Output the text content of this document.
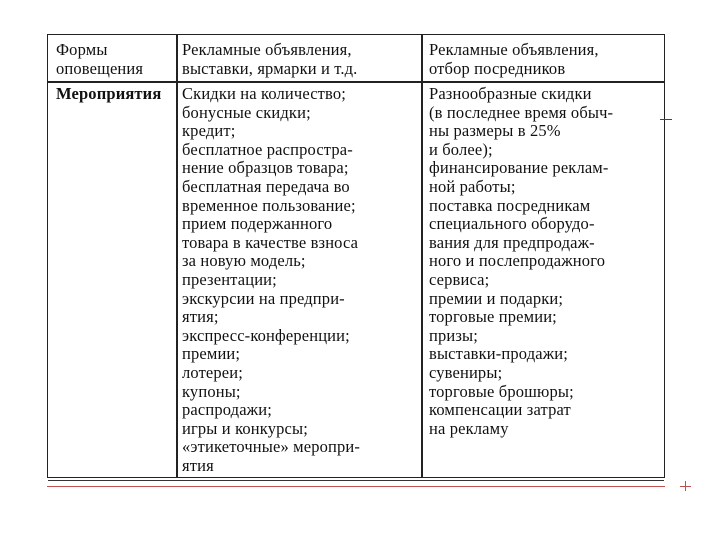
Формы
оповещения
Рекламные объявления,
выставки, ярмарки и т.д.
Рекламные объявления,
отбор посредников
Мероприятия	Скидки на количество;
бонусные скидки;
кредит;
бесплатное распростра-
нение образцов товара;
бесплатная передача во
временное пользование;
прием подержанного
товара в качестве взноса
за новую модель;
презентации;
экскурсии на предпри-
ятия;
экспресс-конференции;
премии;
лотереи;
купоны;
распродажи;
игры и конкурсы;
«этикеточные» меропри-
ятия
Разнообразные скидки
(в последнее время обыч-
ны размеры в 25%
и более);
финансирование реклам-
ной работы;
поставка посредникам
специального оборудо-
вания для предпродаж-
ного и послепродажного
сервиса;
премии и подарки;
торговые премии;
призы;
выставки-продажи;
сувениры;
торговые брошюры;
компенсации затрат
на рекламу
